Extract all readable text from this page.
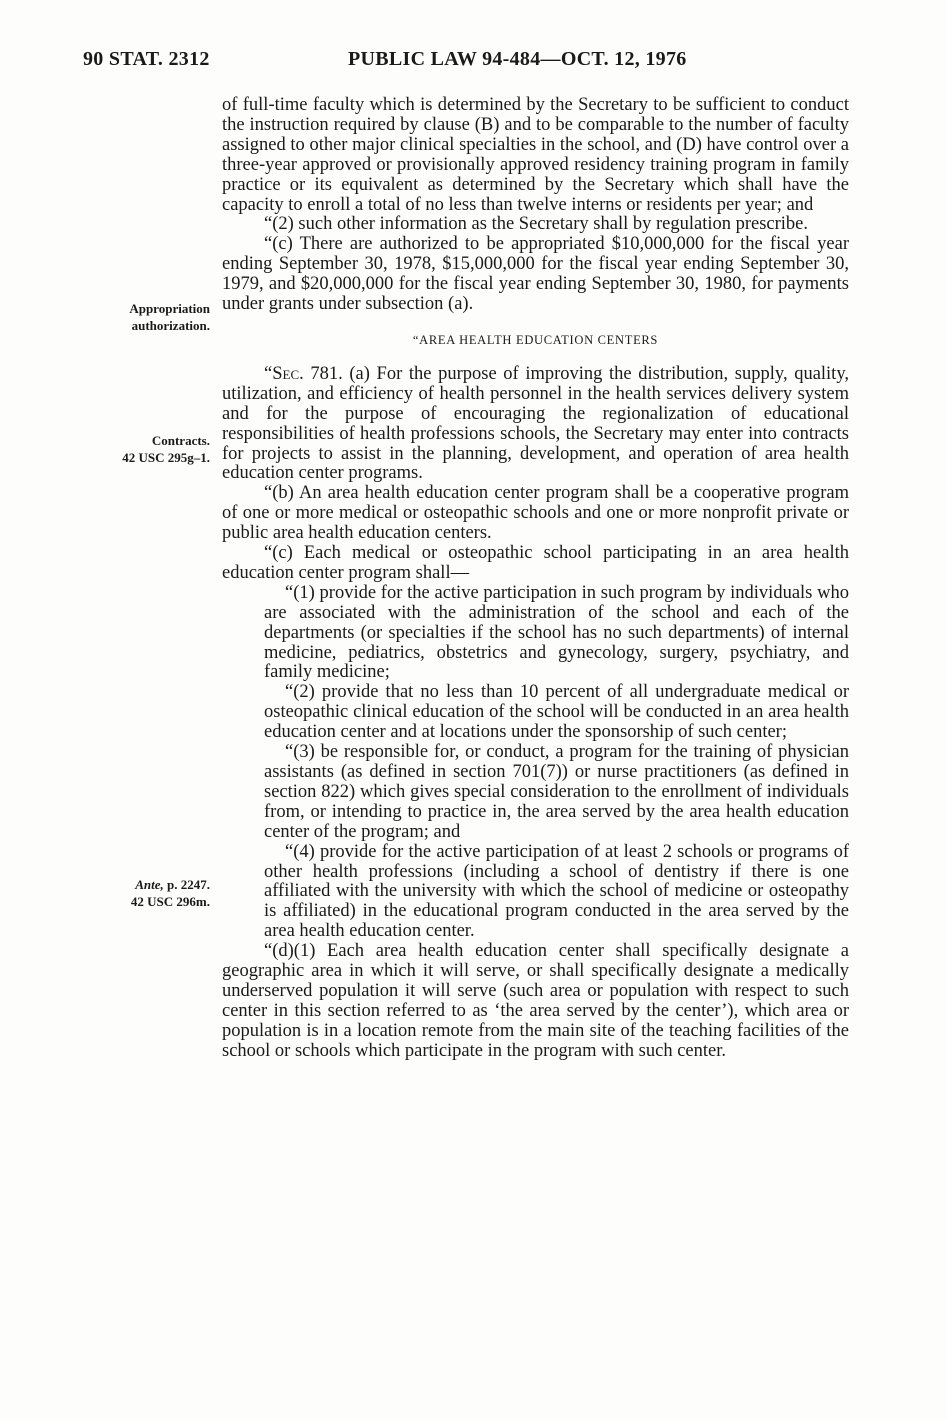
90 STAT. 2312	PUBLIC LAW 94-484—OCT. 12, 1976
Appropriation
authorization.
Contracts.
42 USC 295g–1.
Ante, p. 2247.
42 USC 296m.

of full-time faculty which is determined by the Secretary to be sufficient to conduct the instruction required by clause (B) and to be comparable to the number of faculty assigned to other major clinical specialties in the school, and (D) have control over a three-year approved or provisionally approved residency training program in family practice or its equivalent as determined by the Secretary which shall have the capacity to enroll a total of no less than twelve interns or residents per year; and

“(2) such other information as the Secretary shall by regulation prescribe.

“(c) There are authorized to be appropriated $10,000,000 for the fiscal year ending September 30, 1978, $15,000,000 for the fiscal year ending September 30, 1979, and $20,000,000 for the fiscal year ending September 30, 1980, for payments under grants under subsection (a).

“AREA HEALTH EDUCATION CENTERS

“Sec. 781. (a) For the purpose of improving the distribution, supply, quality, utilization, and efficiency of health personnel in the health services delivery system and for the purpose of encouraging the regionalization of educational responsibilities of health professions schools, the Secretary may enter into contracts for projects to assist in the planning, development, and operation of area health education center programs.

“(b) An area health education center program shall be a cooperative program of one or more medical or osteopathic schools and one or more nonprofit private or public area health education centers.

“(c) Each medical or osteopathic school participating in an area health education center program shall—

“(1) provide for the active participation in such program by individuals who are associated with the administration of the school and each of the departments (or specialties if the school has no such departments) of internal medicine, pediatrics, obstetrics and gynecology, surgery, psychiatry, and family medicine;

“(2) provide that no less than 10 percent of all undergraduate medical or osteopathic clinical education of the school will be conducted in an area health education center and at locations under the sponsorship of such center;

“(3) be responsible for, or conduct, a program for the training of physician assistants (as defined in section 701(7)) or nurse practitioners (as defined in section 822) which gives special consideration to the enrollment of individuals from, or intending to practice in, the area served by the area health education center of the program; and

“(4) provide for the active participation of at least 2 schools or programs of other health professions (including a school of dentistry if there is one affiliated with the university with which the school of medicine or osteopathy is affiliated) in the educational program conducted in the area served by the area health education center.

“(d)(1) Each area health education center shall specifically designate a geographic area in which it will serve, or shall specifically designate a medically underserved population it will serve (such area or population with respect to such center in this section referred to as ‘the area served by the center’), which area or population is in a location remote from the main site of the teaching facilities of the school or schools which participate in the program with such center.
